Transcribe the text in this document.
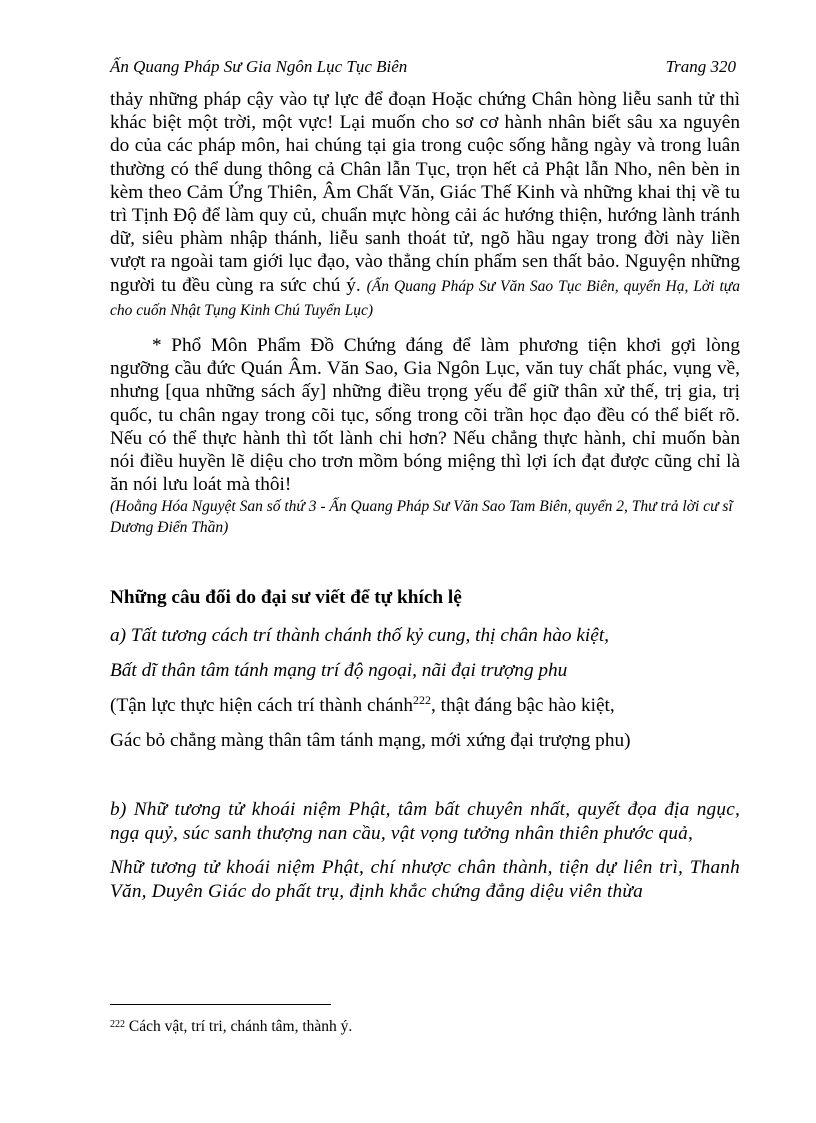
Ấn Quang Pháp Sư Gia Ngôn Lục Tục Biên	Trang 320

thảy những pháp cậy vào tự lực để đoạn Hoặc chứng Chân hòng liễu sanh tử thì khác biệt một trời, một vực! Lại muốn cho sơ cơ hành nhân biết sâu xa nguyên do của các pháp môn, hai chúng tại gia trong cuộc sống hằng ngày và trong luân thường có thể dung thông cả Chân lẫn Tục, trọn hết cả Phật lẫn Nho, nên bèn in kèm theo Cảm Ứng Thiên, Âm Chất Văn, Giác Thế Kinh và những khai thị về tu trì Tịnh Độ để làm quy củ, chuẩn mực hòng cải ác hướng thiện, hướng lành tránh dữ, siêu phàm nhập thánh, liễu sanh thoát tử, ngõ hầu ngay trong đời này liền vượt ra ngoài tam giới lục đạo, vào thẳng chín phẩm sen thất bảo. Nguyện những người tu đều cùng ra sức chú ý. (Ấn Quang Pháp Sư Văn Sao Tục Biên, quyển Hạ, Lời tựa cho cuốn Nhật Tụng Kinh Chú Tuyển Lục)

* Phổ Môn Phẩm Đồ Chứng đáng để làm phương tiện khơi gợi lòng ngưỡng cầu đức Quán Âm. Văn Sao, Gia Ngôn Lục, văn tuy chất phác, vụng về, nhưng [qua những sách ấy] những điều trọng yếu để giữ thân xử thế, trị gia, trị quốc, tu chân ngay trong cõi tục, sống trong cõi trần học đạo đều có thể biết rõ. Nếu có thể thực hành thì tốt lành chi hơn? Nếu chẳng thực hành, chỉ muốn bàn nói điều huyền lẽ diệu cho trơn mồm bóng miệng thì lợi ích đạt được cũng chỉ là ăn nói lưu loát mà thôi!

(Hoằng Hóa Nguyệt San số thứ 3 - Ấn Quang Pháp Sư Văn Sao Tam Biên, quyển 2, Thư trả lời cư sĩ Dương Điển Thần)

Những câu đối do đại sư viết để tự khích lệ

a) Tất tương cách trí thành chánh thố kỷ cung, thị chân hào kiệt,

Bất dĩ thân tâm tánh mạng trí độ ngoại, nãi đại trượng phu

(Tận lực thực hiện cách trí thành chánh$^{222}$, thật đáng bậc hào kiệt,

Gác bỏ chẳng màng thân tâm tánh mạng, mới xứng đại trượng phu)

b) Nhữ tương tử khoái niệm Phật, tâm bất chuyên nhất, quyết đọa địa ngục, ngạ quỷ, súc sanh thượng nan cầu, vật vọng tưởng nhân thiên phước quả,

Nhữ tương tử khoái niệm Phật, chí nhược chân thành, tiện dự liên trì, Thanh Văn, Duyên Giác do phất trụ, định khắc chứng đẳng diệu viên thừa

$^{222}$ Cách vật, trí tri, chánh tâm, thành ý.
